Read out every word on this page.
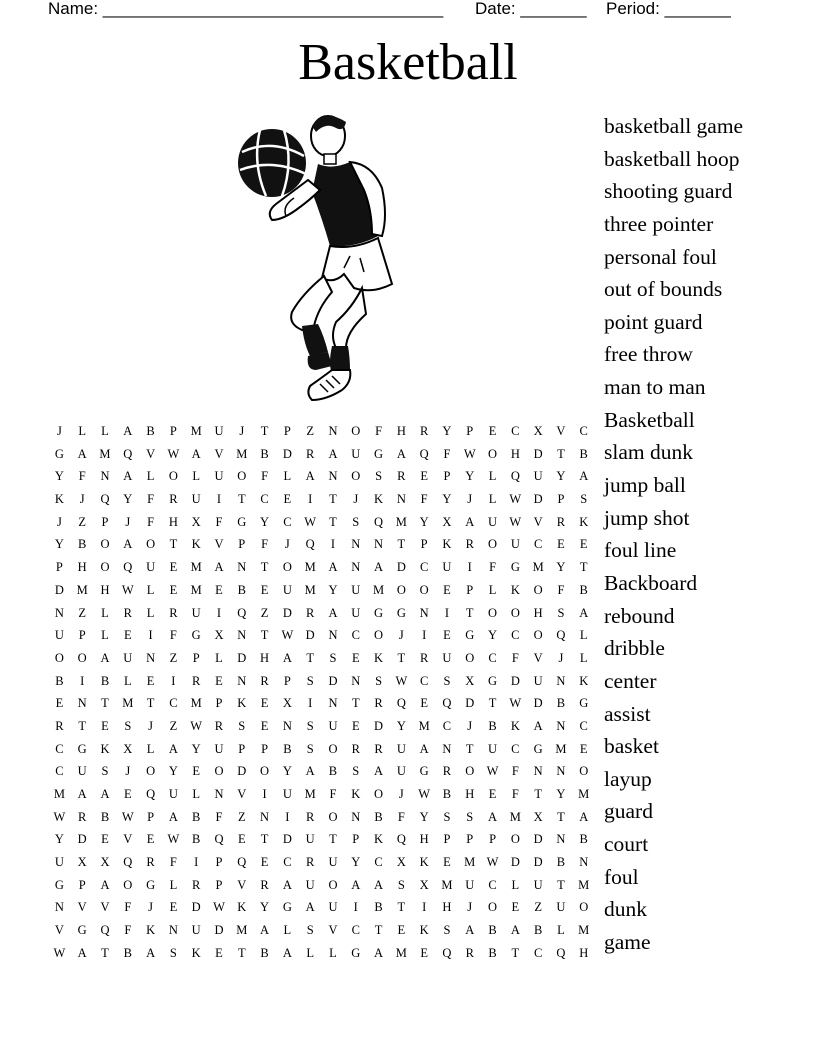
Name: ____________________________________

Date: _______

Period: _______

Basketball
basketball game
basketball hoop
shooting guard
three pointer
personal foul
out of bounds
point guard
free throw
man to man
Basketball
slam dunk
jump ball
jump shot
foul line
Backboard
rebound
dribble
center
assist
basket
layup
guard
court
foul
dunk
game
J L L A B P M U J T P Z N O F H R Y P E C X V C
G A M Q V W A V M B D R A U G A Q F W O H D T B
Y F N A L O L U O F L A N O S R E P Y L Q U Y A
K J Q Y F R U I T C E I T J K N F Y J L W D P S
J Z P J F H X F G Y C W T S Q M Y X A U W V R K
Y B O A O T K V P F J Q I N N T P K R O U C E E
P H O Q U E M A N T O M A N A D C U I F G M Y T
D M H W L E M E B E U M Y U M O O E P L K O F B
N Z L R L R U I Q Z D R A U G G N I T O O H S A
U P L E I F G X N T W D N C O J I E G Y C O Q L
O O A U N Z P L D H A T S E K T R U O C F V J L
B I B L E I R E N R P S D N S W C S X G D U N K
E N T M T C M P K E X I N T R Q E Q D T W D B G
R T E S J Z W R S E N S U E D Y M C J B K A N C
C G K X L A Y U P P B S O R R U A N T U C G M E
C U S J O Y E O D O Y A B S A U G R O W F N N O
M A A E Q U L N V I U M F K O J W B H E F T Y M
W R B W P A B F Z N I R O N B F Y S S A M X T A
Y D E V E W B Q E T D U T P K Q H P P P O D N B
U X X Q R F I P Q E C R U Y C X K E M W D D B N
G P A O G L R P V R A U O A A S X M U C L U T M
N V V F J E D W K Y G A U I B T I H J O E Z U O
V G Q F K N U D M A L S V C T E K S A B A B L M
W A T B A S K E T B A L L G A M E Q R B T C Q H
